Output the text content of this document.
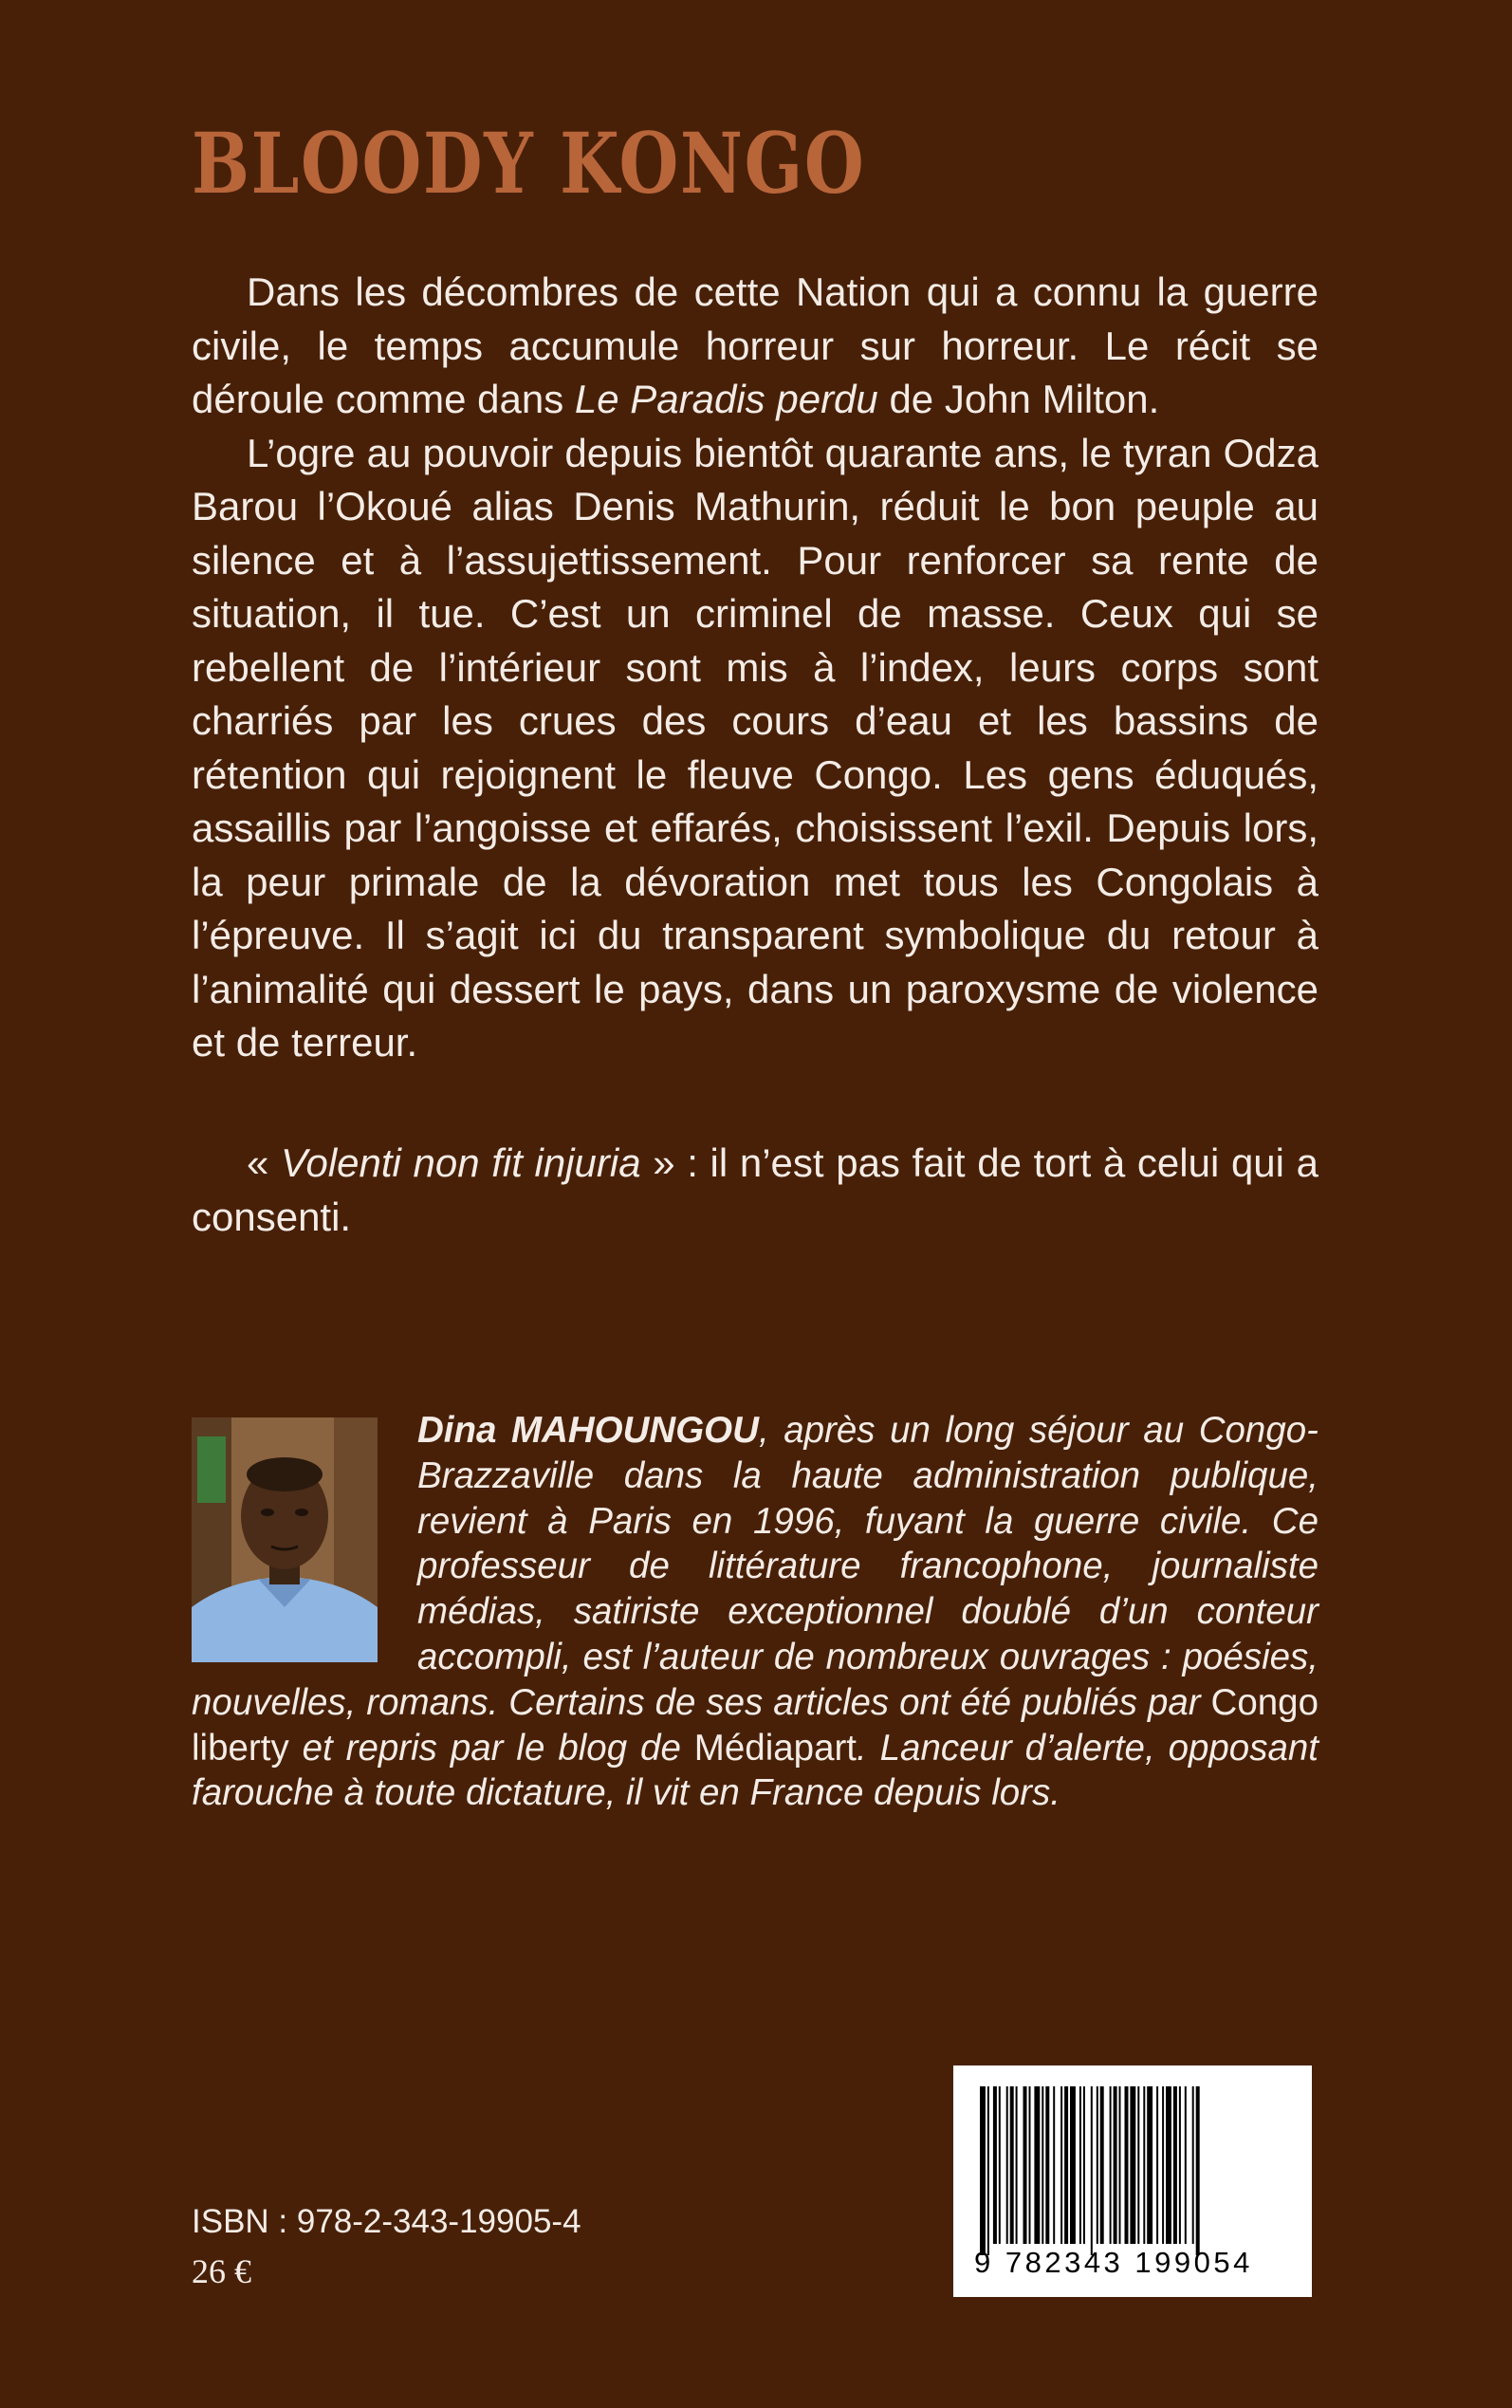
BLOODY KONGO

Dans les décombres de cette Nation qui a connu la guerre civile, le temps accumule horreur sur horreur. Le récit se déroule comme dans Le Paradis perdu de John Milton.

L’ogre au pouvoir depuis bientôt quarante ans, le tyran Odza Barou l’Okoué alias Denis Mathurin, réduit le bon peuple au silence et à l’assujettissement. Pour renforcer sa rente de situation, il tue. C’est un criminel de masse. Ceux qui se rebellent de l’intérieur sont mis à l’index, leurs corps sont charriés par les crues des cours d’eau et les bassins de rétention qui rejoignent le fleuve Congo. Les gens éduqués, assaillis par l’angoisse et effarés, choisissent l’exil. Depuis lors, la peur primale de la dévoration met tous les Congolais à l’épreuve. Il s’agit ici du transparent symbolique du retour à l’animalité qui dessert le pays, dans un paroxysme de violence et de terreur.

« Volenti non fit injuria » : il n’est pas fait de tort à celui qui a consenti.

Dina MAHOUNGOU, après un long séjour au Congo-Brazzaville dans la haute administration publique, revient à Paris en 1996, fuyant la guerre civile. Ce professeur de littérature francophone, journaliste médias, satiriste exceptionnel doublé d’un conteur accompli, est l’auteur de nombreux ouvrages : poésies, nouvelles, romans. Certains de ses articles ont été publiés par Congo liberty et repris par le blog de Médiapart. Lanceur d’alerte, opposant farouche à toute dictature, il vit en France depuis lors.

ISBN : 978-2-343-19905-4

26 €	9 782343 199054
